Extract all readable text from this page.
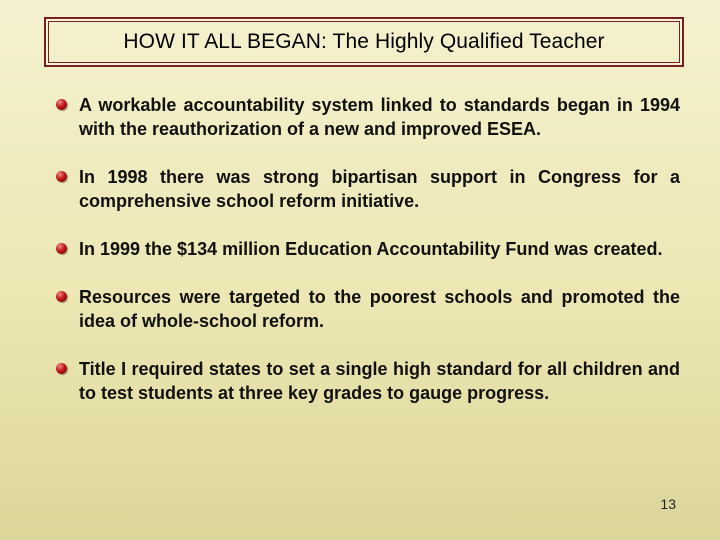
HOW IT ALL BEGAN: The Highly Qualified Teacher
A workable accountability system linked to standards began in 1994 with the reauthorization of a new and improved ESEA.
In 1998 there was strong bipartisan support in Congress for a comprehensive school reform initiative.
In 1999 the $134 million Education Accountability Fund was created.
Resources were targeted to the poorest schools and promoted the idea of whole-school reform.
Title I required states to set a single high standard for all children and to test students at three key grades to gauge progress.
13
